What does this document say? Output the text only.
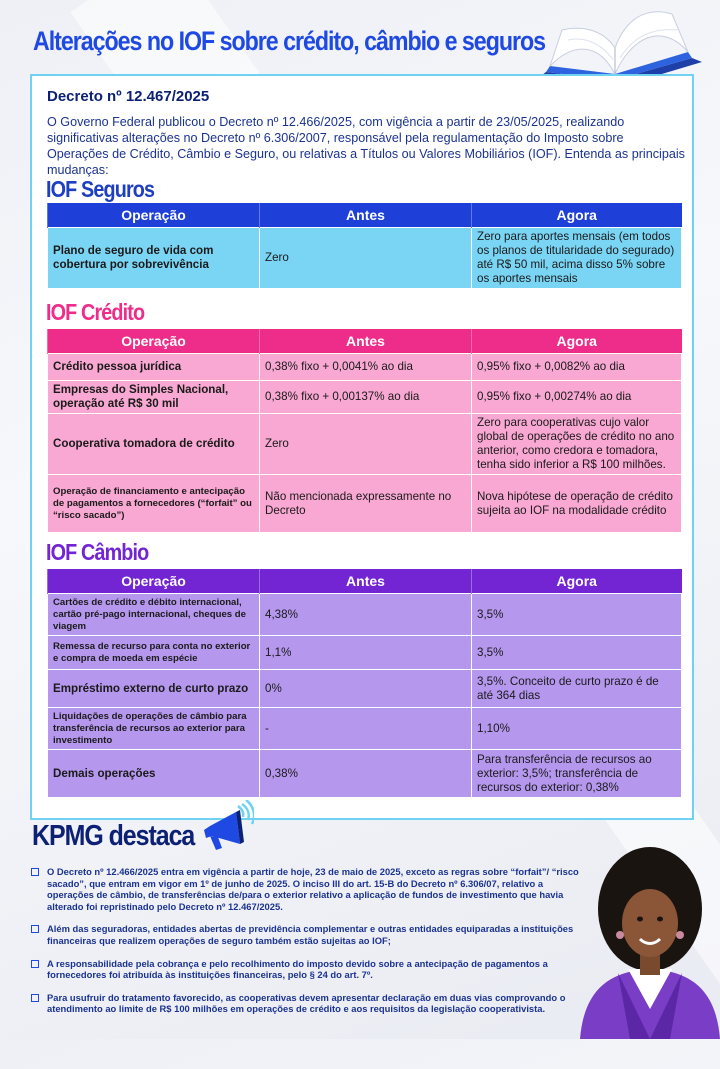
Alterações no IOF sobre crédito, câmbio e seguros
Decreto nº 12.467/2025

O Governo Federal publicou o Decreto nº 12.466/2025, com vigência a partir de 23/05/2025, realizando significativas alterações no Decreto nº 6.306/2007, responsável pela regulamentação do Imposto sobre Operações de Crédito, Câmbio e Seguro, ou relativas a Títulos ou Valores Mobiliários (IOF). Entenda as principais mudanças:

IOF Seguros
Operação	Antes	Agora
Plano de seguro de vida com cobertura por sobrevivência	Zero	Zero para aportes mensais (em todos os planos de titularidade do segurado) até R$ 50 mil, acima disso 5% sobre os aportes mensais
IOF Crédito
Operação	Antes	Agora
Crédito pessoa jurídica	0,38% fixo + 0,0041% ao dia	0,95% fixo + 0,0082% ao dia
Empresas do Simples Nacional, operação até R$ 30 mil	0,38% fixo + 0,00137% ao dia	0,95% fixo + 0,00274% ao dia
Cooperativa tomadora de crédito	Zero	Zero para cooperativas cujo valor global de operações de crédito no ano anterior, como credora e tomadora, tenha sido inferior a R$ 100 milhões.
Operação de financiamento e antecipação de pagamentos a fornecedores (“forfait” ou “risco sacado”)	Não mencionada expressamente no Decreto	Nova hipótese de operação de crédito sujeita ao IOF na modalidade crédito
IOF Câmbio
Operação	Antes	Agora
Cartões de crédito e débito internacional, cartão pré-pago internacional, cheques de viagem	4,38%	3,5%
Remessa de recurso para conta no exterior e compra de moeda em espécie	1,1%	3,5%
Empréstimo externo de curto prazo	0%	3,5%. Conceito de curto prazo é de até 364 dias
Liquidações de operações de câmbio para transferência de recursos ao exterior para investimento	-	1,10%
Demais operações	0,38%	Para transferência de recursos ao exterior: 3,5%; transferência de recursos do exterior: 0,38%
KPMG destaca
O Decreto nº 12.466/2025 entra em vigência a partir de hoje, 23 de maio de 2025, exceto as regras sobre “forfait”/ “risco sacado”, que entram em vigor em 1º de junho de 2025. O inciso III do art. 15-B do Decreto nº 6.306/07, relativo a operações de câmbio, de transferências de/para o exterior relativo a aplicação de fundos de investimento que havia alterado foi repristinado pelo Decreto nº 12.467/2025.
Além das seguradoras, entidades abertas de previdência complementar e outras entidades equiparadas a instituições financeiras que realizem operações de seguro também estão sujeitas ao IOF;
A responsabilidade pela cobrança e pelo recolhimento do imposto devido sobre a antecipação de pagamentos a fornecedores foi atribuída às instituições financeiras, pelo § 24 do art. 7º.
Para usufruir do tratamento favorecido, as cooperativas devem apresentar declaração em duas vias comprovando o atendimento ao limite de R$ 100 milhões em operações de crédito e aos requisitos da legislação cooperativista.
